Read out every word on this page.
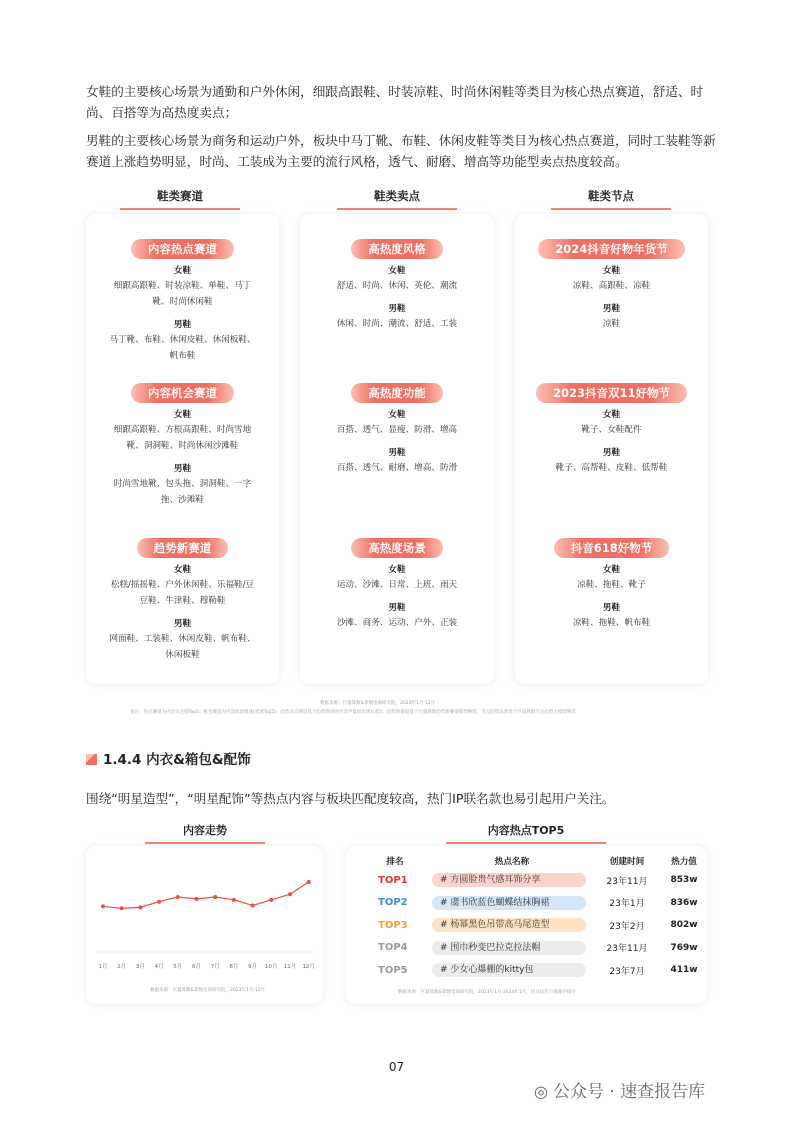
女鞋的主要核心场景为通勤和户外休闲，细跟高跟鞋、时装凉鞋、时尚休闲鞋等类目为核心热点赛道，舒适、时尚、百搭等为高热度卖点；

男鞋的主要核心场景为商务和运动户外，板块中马丁靴、布鞋、休闲皮鞋等类目为核心热点赛道，同时工装鞋等新赛道上涨趋势明显，时尚、工装成为主要的流行风格，透气、耐磨、增高等功能型卖点热度较高。

鞋类赛道	鞋类卖点	鞋类节点
内容热点赛道
女鞋
细跟高跟鞋、时装凉鞋、单鞋、马丁靴、时尚休闲鞋
男鞋
马丁靴、布鞋、休闲皮鞋、休闲板鞋、帆布鞋
内容机会赛道
女鞋
细跟高跟鞋、方根高跟鞋、时尚雪地靴、洞洞鞋、时尚休闲沙滩鞋
男鞋
时尚雪地靴、包头拖、洞洞鞋、一字拖、沙滩鞋
趋势新赛道
女鞋
松糕/摇摇鞋、户外休闲鞋、乐福鞋/豆豆鞋、牛津鞋、穆勒鞋
男鞋
网面鞋、工装鞋、休闲皮鞋、帆布鞋、休闲板鞋
高热度风格
女鞋
舒适、时尚、休闲、英伦、潮流
男鞋
休闲、时尚、潮流、舒适、工装
高热度功能
女鞋
百搭、透气、显瘦、防滑、增高
男鞋
百搭、透气、耐磨、增高、防滑
高热度场景
女鞋
运动、沙滩、日常、上班、雨天
男鞋
沙滩、商务、运动、户外、正装
2024抖音好物年货节
女鞋
凉鞋、高跟鞋、凉鞋
男鞋
凉鞋
2023抖音双11好物节
女鞋
靴子、女鞋配件
男鞋
靴子、高帮鞋、皮鞋、低帮鞋
抖音618好物节
女鞋
凉鞋、拖鞋、靴子
男鞋
凉鞋、拖鞋、帆布鞋
数据来源：巨量算数&算数电商研究院，2023年1月-12月
备注：热点赛道为内容关注度Top5；机会赛道为内容同比增速(增速Top5)；趋势卖点赛道基于趋势热词的内容声量同比增长前5；趋势新赛道基于巨量算数趋势新赛道模型筛选；节点趋势品类基于巨量算数节点趋势力模型筛选
1.4.4 内衣&箱包&配饰

围绕“明星造型”，“明星配饰”等热点内容与板块匹配度较高，热门IP联名款也易引起用户关注。

内容走势	内容热点TOP5
1月 2月 3月 4月 5月 6月 7月 8月 9月 10月 11月 12月
数据来源：巨量算数&算数电商研究院，2023年1月-12月	数据来源：巨量算数&算数电商研究院，2023年1月-2024年1月，热点按热力值降序排序
排名	热点名称	创建时间	热力值
TOP1	# 方圆脸贵气感耳饰分享	23年11月	853w
TOP2	# 虞书欣蓝色蝴蝶结抹胸裙	23年1月	836w
TOP3	# 杨幂黑色吊带高马尾造型	23年2月	802w
TOP4	# 围巾秒变巴拉克拉法帽	23年11月	769w
TOP5	# 少女心爆棚的kitty包	23年7月	411w
07
◎ 公众号 · 速查报告库
